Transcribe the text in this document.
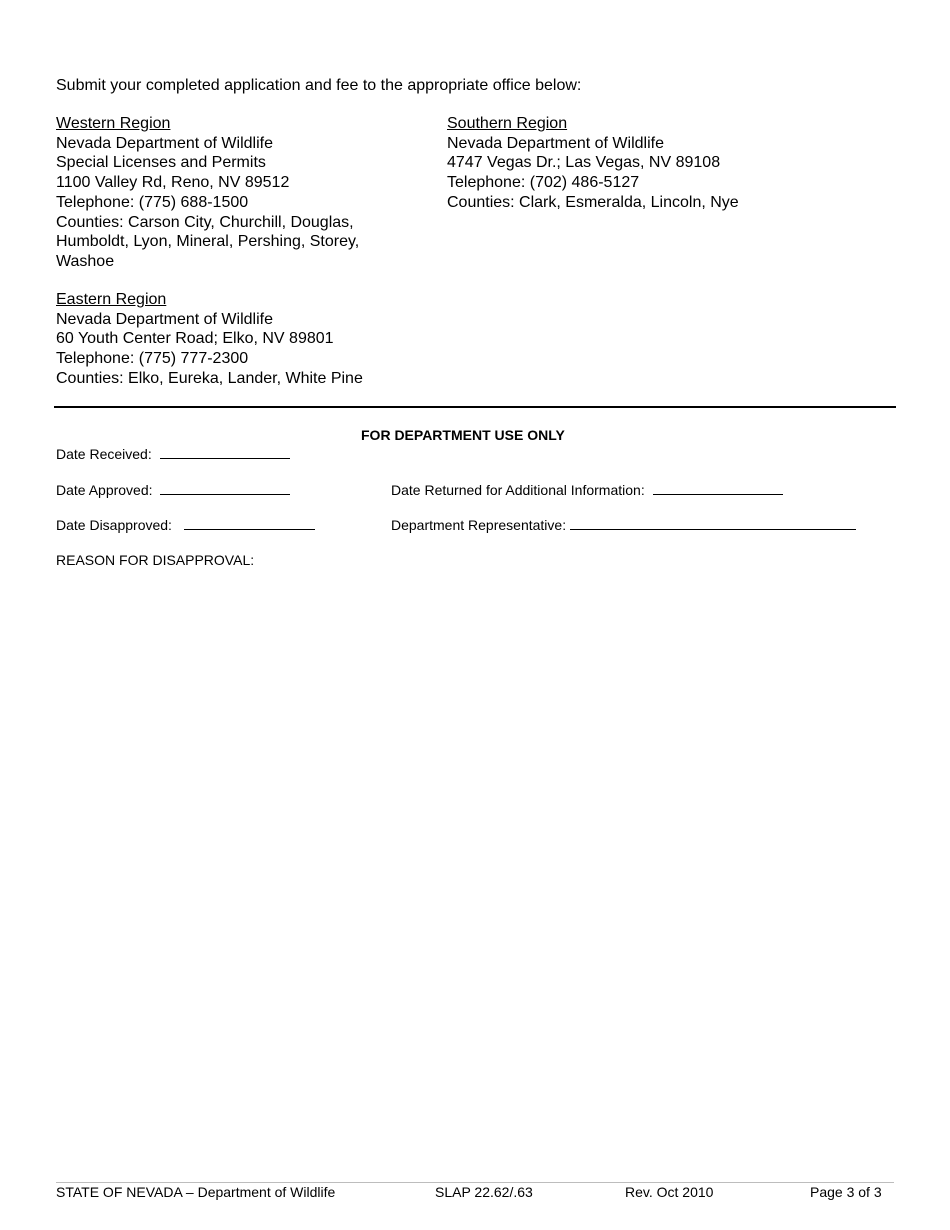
Submit your completed application and fee to the appropriate office below:
Western Region
Nevada Department of Wildlife
Special Licenses and Permits
1100 Valley Rd, Reno, NV 89512
Telephone: (775) 688-1500
Counties: Carson City, Churchill, Douglas, Humboldt, Lyon, Mineral, Pershing, Storey, Washoe
Southern Region
Nevada Department of Wildlife
4747 Vegas Dr.; Las Vegas, NV 89108
Telephone: (702) 486-5127
Counties: Clark, Esmeralda, Lincoln, Nye
Eastern Region
Nevada Department of Wildlife
60 Youth Center Road; Elko, NV 89801
Telephone: (775) 777-2300
Counties: Elko, Eureka, Lander, White Pine
FOR DEPARTMENT USE ONLY
Date Received:
Date Approved:	Date Returned for Additional Information:
Date Disapproved:	Department Representative:
REASON FOR DISAPPROVAL:
STATE OF NEVADA – Department of Wildlife	SLAP 22.62/.63	Rev. Oct 2010	Page 3 of 3
